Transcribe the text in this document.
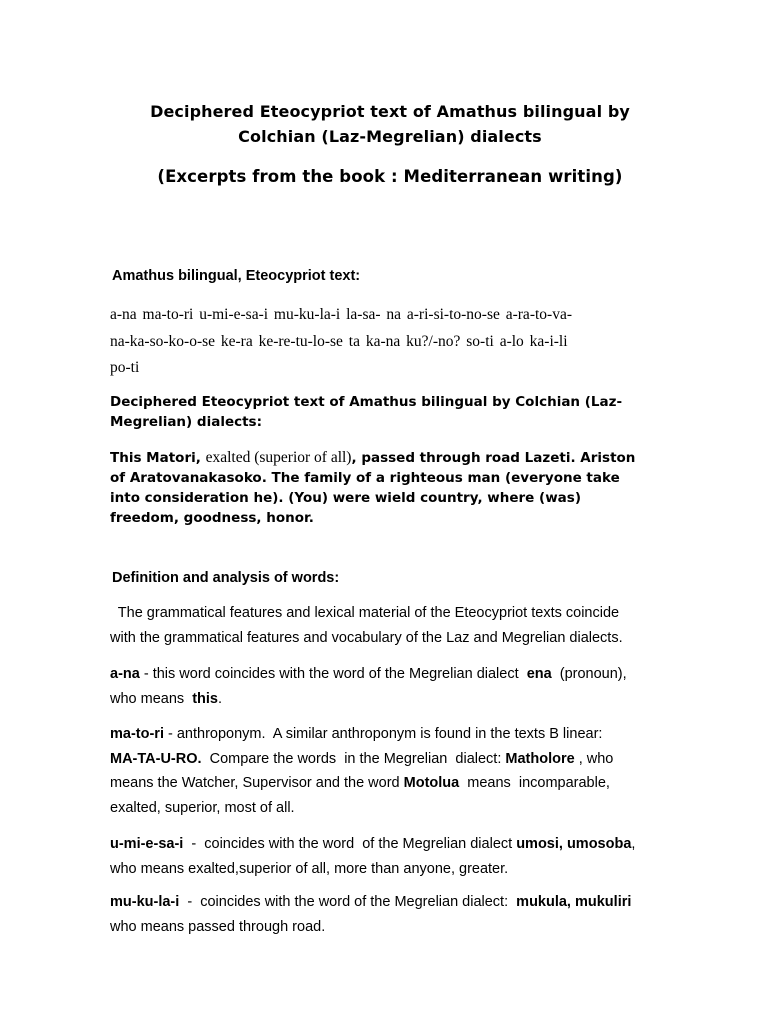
Deciphered Eteocypriot text of Amathus bilingual by
Colchian (Laz-Megrelian) dialects
(Excerpts from the book : Mediterranean writing)
Amathus bilingual, Eteocypriot text:
a-na ma-to-ri u-mi-e-sa-i mu-ku-la-i la-sa- na a-ri-si-to-no-se a-ra-to-va-
na-ka-so-ko-o-se ke-ra ke-re-tu-lo-se ta ka-na ku?/-no? so-ti a-lo ka-i-li
po-ti
Deciphered Eteocypriot text of Amathus bilingual by Colchian (Laz-
Megrelian) dialects:
This Matori, exalted (superior of all), passed through road Lazeti. Ariston
of Aratovanakasoko. The family of a righteous man (everyone take
into consideration he). (You) were wield country, where (was)
freedom, goodness, honor.
Definition and analysis of words:
The grammatical features and lexical material of the Eteocypriot texts coincide
with the grammatical features and vocabulary of the Laz and Megrelian dialects.
a-na - this word coincides with the word of the Megrelian dialect  ena  (pronoun),
who means  this.
ma-to-ri - anthroponym.  A similar anthroponym is found in the texts B linear:
MA-TA-U-RO.  Compare the words  in the Megrelian  dialect: Matholore , who
means the Watcher, Supervisor and the word Motolua  means  incomparable,
exalted, superior, most of all.
u-mi-e-sa-i  -  coincides with the word  of the Megrelian dialect umosi, umosoba,
who means exalted,superior of all, more than anyone, greater.
mu-ku-la-i  -  coincides with the word of the Megrelian dialect:  mukula, mukuliri
who means passed through road.
